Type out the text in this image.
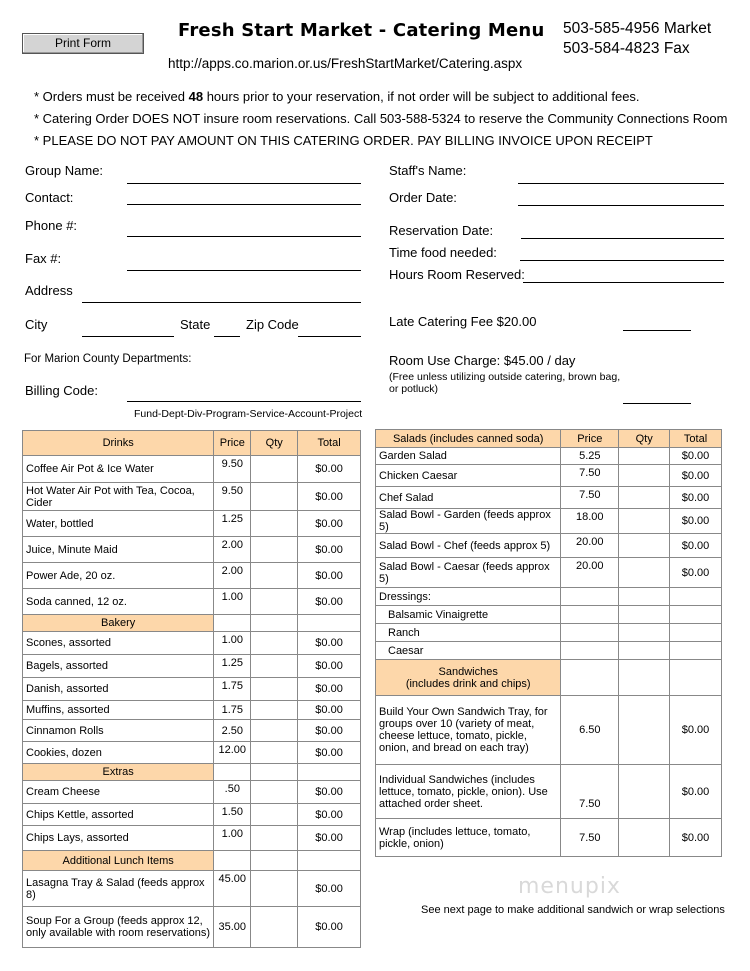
Print Form
Fresh Start Market - Catering Menu 503-585-4956 Market
503-584-4823 Fax
http://apps.co.marion.or.us/FreshStartMarket/Catering.aspx
* Orders must be received 48 hours prior to your reservation, if not order will be subject to additional fees.
* Catering Order DOES NOT insure room reservations. Call 503-588-5324 to reserve the Community Connections Room
* PLEASE DO NOT PAY AMOUNT ON THIS CATERING ORDER. PAY BILLING INVOICE UPON RECEIPT
Group Name:
Contact:
Phone #:
Fax #:
Address
City	State	Zip Code
For Marion County Departments:
Billing Code:
Fund-Dept-Div-Program-Service-Account-Project
Staff's Name:
Order Date:
Reservation Date:
Time food needed:
Hours Room Reserved:
Late Catering Fee $20.00
Room Use Charge: $45.00 / day
(Free unless utilizing outside catering, brown bag,
or potluck)
Drinks	Price	Qty	Total
Coffee Air Pot & Ice Water	9.50		$0.00
Hot Water Air Pot with Tea, Cocoa, Cider	9.50		$0.00
Water, bottled	1.25		$0.00
Juice, Minute Maid	2.00		$0.00
Power Ade, 20 oz.	2.00		$0.00
Soda canned, 12 oz.	1.00		$0.00
Bakery			
Scones, assorted	1.00		$0.00
Bagels, assorted	1.25		$0.00
Danish, assorted	1.75		$0.00
Muffins, assorted	1.75		$0.00
Cinnamon Rolls	2.50		$0.00
Cookies, dozen	12.00		$0.00
Extras			
Cream Cheese	.50		$0.00
Chips Kettle, assorted	1.50		$0.00
Chips Lays, assorted	1.00		$0.00
Additional Lunch Items			
Lasagna Tray & Salad (feeds approx 8)	45.00		$0.00
Soup For a Group (feeds approx 12, only available with room reservations)	35.00		$0.00
Salads (includes canned soda)	Price	Qty	Total
Garden Salad	5.25		$0.00
Chicken Caesar	7.50		$0.00
Chef Salad	7.50		$0.00
Salad Bowl - Garden (feeds approx 5)	18.00		$0.00
Salad Bowl - Chef (feeds approx 5)	20.00		$0.00
Salad Bowl - Caesar (feeds approx 5)	20.00		$0.00
Dressings:			
Balsamic Vinaigrette			
Ranch			
Caesar			
Sandwiches
(includes drink and chips)			
Build Your Own Sandwich Tray, for groups over 10 (variety of meat, cheese lettuce, tomato, pickle, onion, and bread on each tray)	6.50		$0.00
Individual Sandwiches (includes lettuce, tomato, pickle, onion). Use attached order sheet.	7.50		$0.00
Wrap (includes lettuce, tomato, pickle, onion)	7.50		$0.00
menupix
See next page to make additional sandwich or wrap selections
